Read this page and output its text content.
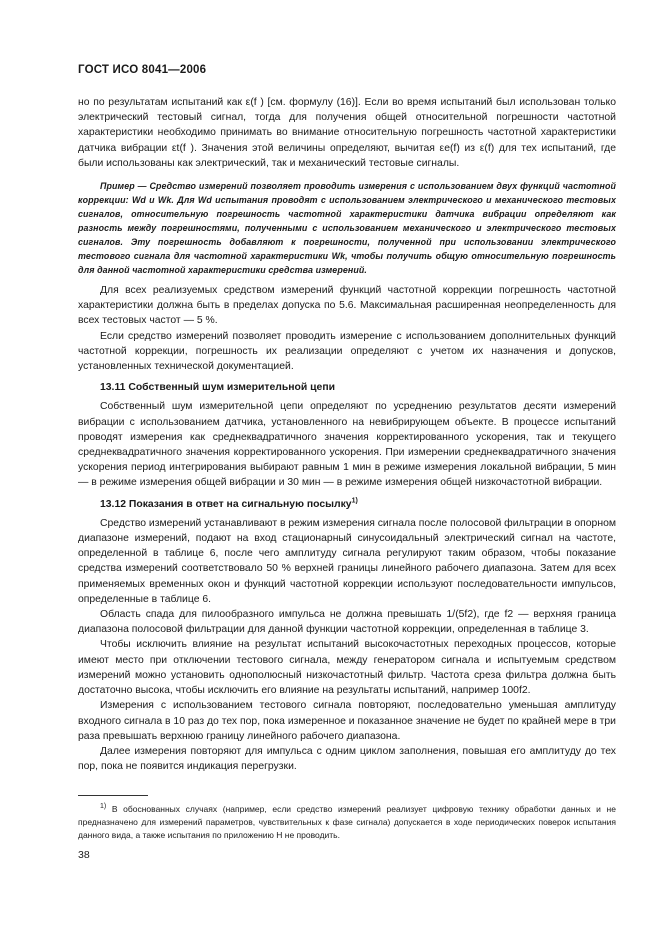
ГОСТ ИСО 8041—2006

но по результатам испытаний как ε(f ) [см. формулу (16)]. Если во время испытаний был использован только электрический тестовый сигнал, тогда для получения общей относительной погрешности частотной характеристики необходимо принимать во внимание относительную погрешность частотной характеристики датчика вибрации εt(f ). Значения этой величины определяют, вычитая εe(f) из ε(f) для тех испытаний, где были использованы как электрический, так и механический тестовые сигналы.

Пример — Средство измерений позволяет проводить измерения с использованием двух функций частотной коррекции: Wd и Wk. Для Wd испытания проводят с использованием электрического и механического тестовых сигналов, относительную погрешность частотной характеристики датчика вибрации определяют как разность между погрешностями, полученными с использованием механического и электрического тестовых сигналов. Эту погрешность добавляют к погрешности, полученной при использовании электрического тестового сигнала для частотной характеристики Wk, чтобы получить общую относительную погрешность для данной частотной характеристики средства измерений.

Для всех реализуемых средством измерений функций частотной коррекции погрешность частотной характеристики должна быть в пределах допуска по 5.6. Максимальная расширенная неопределенность для всех тестовых частот — 5 %.

Если средство измерений позволяет проводить измерение с использованием дополнительных функций частотной коррекции, погрешность их реализации определяют с учетом их назначения и допусков, установленных технической документацией.

13.11 Собственный шум измерительной цепи

Собственный шум измерительной цепи определяют по усреднению результатов десяти измерений вибрации с использованием датчика, установленного на невибрирующем объекте. В процессе испытаний проводят измерения как среднеквадратичного значения корректированного ускорения, так и текущего среднеквадратичного значения корректированного ускорения. При измерении среднеквадратичного значения ускорения период интегрирования выбирают равным 1 мин в режиме измерения локальной вибрации, 5 мин — в режиме измерения общей вибрации и 30 мин — в режиме измерения общей низкочастотной вибрации.

13.12 Показания в ответ на сигнальную посылку$^{1)}$

Средство измерений устанавливают в режим измерения сигнала после полосовой фильтрации в опорном диапазоне измерений, подают на вход стационарный синусоидальный электрический сигнал на частоте, определенной в таблице 6, после чего амплитуду сигнала регулируют таким образом, чтобы показание средства измерений соответствовало 50 % верхней границы линейного рабочего диапазона. Затем для всех применяемых временных окон и функций частотной коррекции используют последовательности импульсов, определенные в таблице 6.

Область спада для пилообразного импульса не должна превышать 1/(5f2), где f2 — верхняя граница диапазона полосовой фильтрации для данной функции частотной коррекции, определенная в таблице 3.

Чтобы исключить влияние на результат испытаний высокочастотных переходных процессов, которые имеют место при отключении тестового сигнала, между генератором сигнала и испытуемым средством измерений можно установить однополюсный низкочастотный фильтр. Частота среза фильтра должна быть достаточно высока, чтобы исключить его влияние на результаты испытаний, например 100f2.

Измерения с использованием тестового сигнала повторяют, последовательно уменьшая амплитуду входного сигнала в 10 раз до тех пор, пока измеренное и показанное значение не будет по крайней мере в три раза превышать верхнюю границу линейного рабочего диапазона.

Далее измерения повторяют для импульса с одним циклом заполнения, повышая его амплитуду до тех пор, пока не появится индикация перегрузки.

$^{1)}$ В обоснованных случаях (например, если средство измерений реализует цифровую технику обработки данных и не предназначено для измерений параметров, чувствительных к фазе сигнала) допускается в ходе периодических поверок испытания данного вида, а также испытания по приложению Н не проводить.
38
